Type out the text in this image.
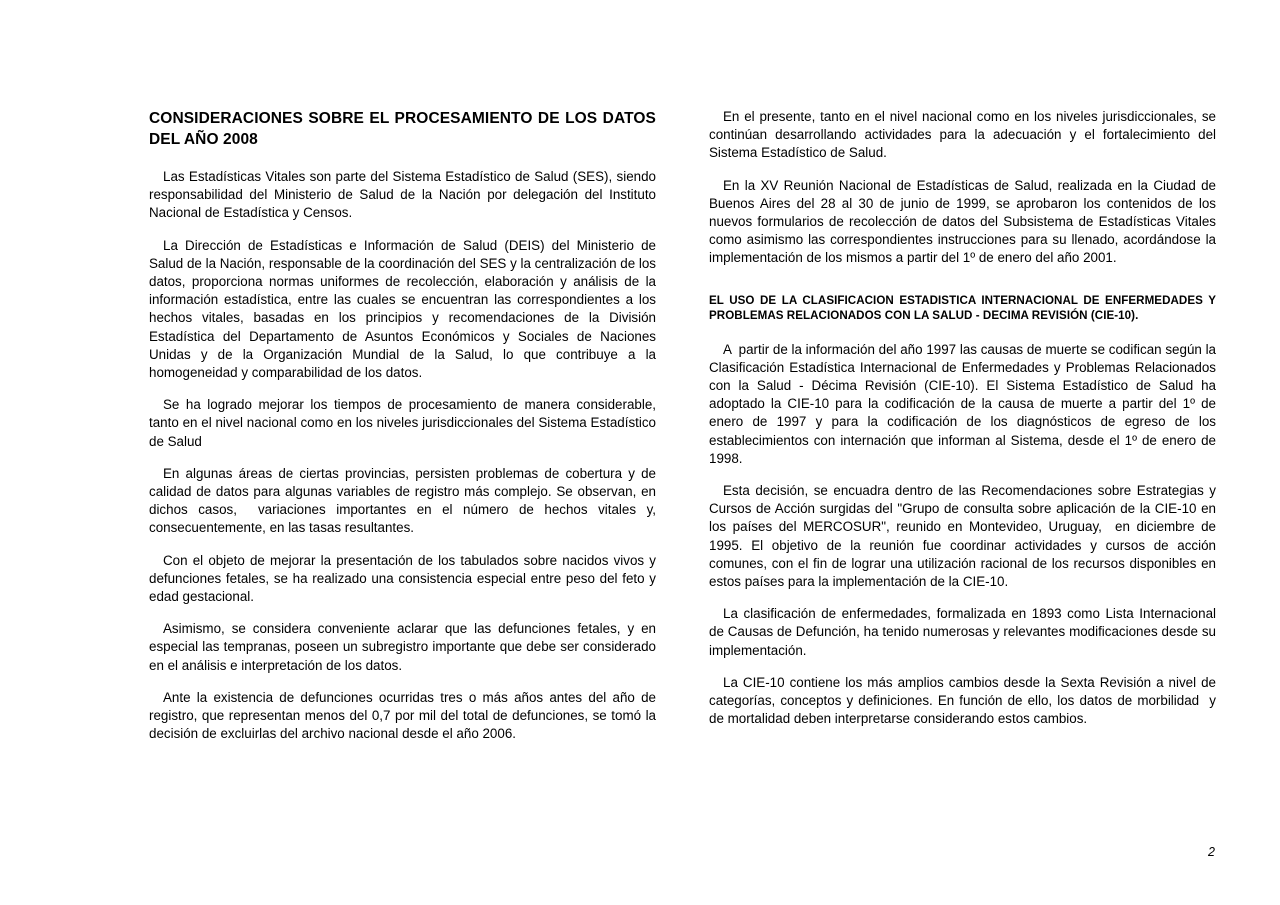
CONSIDERACIONES SOBRE EL PROCESAMIENTO DE LOS DATOS DEL AÑO 2008

Las Estadísticas Vitales son parte del Sistema Estadístico de Salud (SES), siendo responsabilidad del Ministerio de Salud de la Nación por delegación del Instituto Nacional de Estadística y Censos.

La Dirección de Estadísticas e Información de Salud (DEIS) del Ministerio de Salud de la Nación, responsable de la coordinación del SES y la centralización de los datos, proporciona normas uniformes de recolección, elaboración y análisis de la información estadística, entre las cuales se encuentran las correspondientes a los hechos vitales, basadas en los principios y recomendaciones de la División Estadística del Departamento de Asuntos Económicos y Sociales de Naciones Unidas y de la Organización Mundial de la Salud, lo que contribuye a la homogeneidad y comparabilidad de los datos.

Se ha logrado mejorar los tiempos de procesamiento de manera considerable, tanto en el nivel nacional como en los niveles jurisdiccionales del Sistema Estadístico de Salud

En algunas áreas de ciertas provincias, persisten problemas de cobertura y de calidad de datos para algunas variables de registro más complejo. Se observan, en dichos casos,  variaciones importantes en el número de hechos vitales y, consecuentemente, en las tasas resultantes.

Con el objeto de mejorar la presentación de los tabulados sobre nacidos vivos y defunciones fetales, se ha realizado una consistencia especial entre peso del feto y edad gestacional.

Asimismo, se considera conveniente aclarar que las defunciones fetales, y en especial las tempranas, poseen un subregistro importante que debe ser considerado en el análisis e interpretación de los datos.

Ante la existencia de defunciones ocurridas tres o más años antes del año de registro, que representan menos del 0,7 por mil del total de defunciones, se tomó la decisión de excluirlas del archivo nacional desde el año 2006.

En el presente, tanto en el nivel nacional como en los niveles jurisdiccionales, se continúan desarrollando actividades para la adecuación y el fortalecimiento del Sistema Estadístico de Salud.

En la XV Reunión Nacional de Estadísticas de Salud, realizada en la Ciudad de Buenos Aires del 28 al 30 de junio de 1999, se aprobaron los contenidos de los nuevos formularios de recolección de datos del Subsistema de Estadísticas Vitales como asimismo las correspondientes instrucciones para su llenado, acordándose la implementación de los mismos a partir del 1º de enero del año 2001.

EL USO DE LA CLASIFICACION ESTADISTICA INTERNACIONAL DE ENFERMEDADES Y PROBLEMAS RELACIONADOS CON LA SALUD - DECIMA REVISIÓN (CIE-10).

A  partir de la información del año 1997 las causas de muerte se codifican según la Clasificación Estadística Internacional de Enfermedades y Problemas Relacionados con la Salud - Décima Revisión (CIE-10). El Sistema Estadístico de Salud ha adoptado la CIE-10 para la codificación de la causa de muerte a partir del 1º de enero de 1997 y para la codificación de los diagnósticos de egreso de los establecimientos con internación que informan al Sistema, desde el 1º de enero de 1998.

Esta decisión, se encuadra dentro de las Recomendaciones sobre Estrategias y Cursos de Acción surgidas del "Grupo de consulta sobre aplicación de la CIE-10 en los países del MERCOSUR", reunido en Montevideo, Uruguay,  en diciembre de 1995. El objetivo de la reunión fue coordinar actividades y cursos de acción comunes, con el fin de lograr una utilización racional de los recursos disponibles en estos países para la implementación de la CIE-10.

La clasificación de enfermedades, formalizada en 1893 como Lista Internacional de Causas de Defunción, ha tenido numerosas y relevantes modificaciones desde su implementación.

La CIE-10 contiene los más amplios cambios desde la Sexta Revisión a nivel de categorías, conceptos y definiciones. En función de ello, los datos de morbilidad  y de mortalidad deben interpretarse considerando estos cambios.

2
